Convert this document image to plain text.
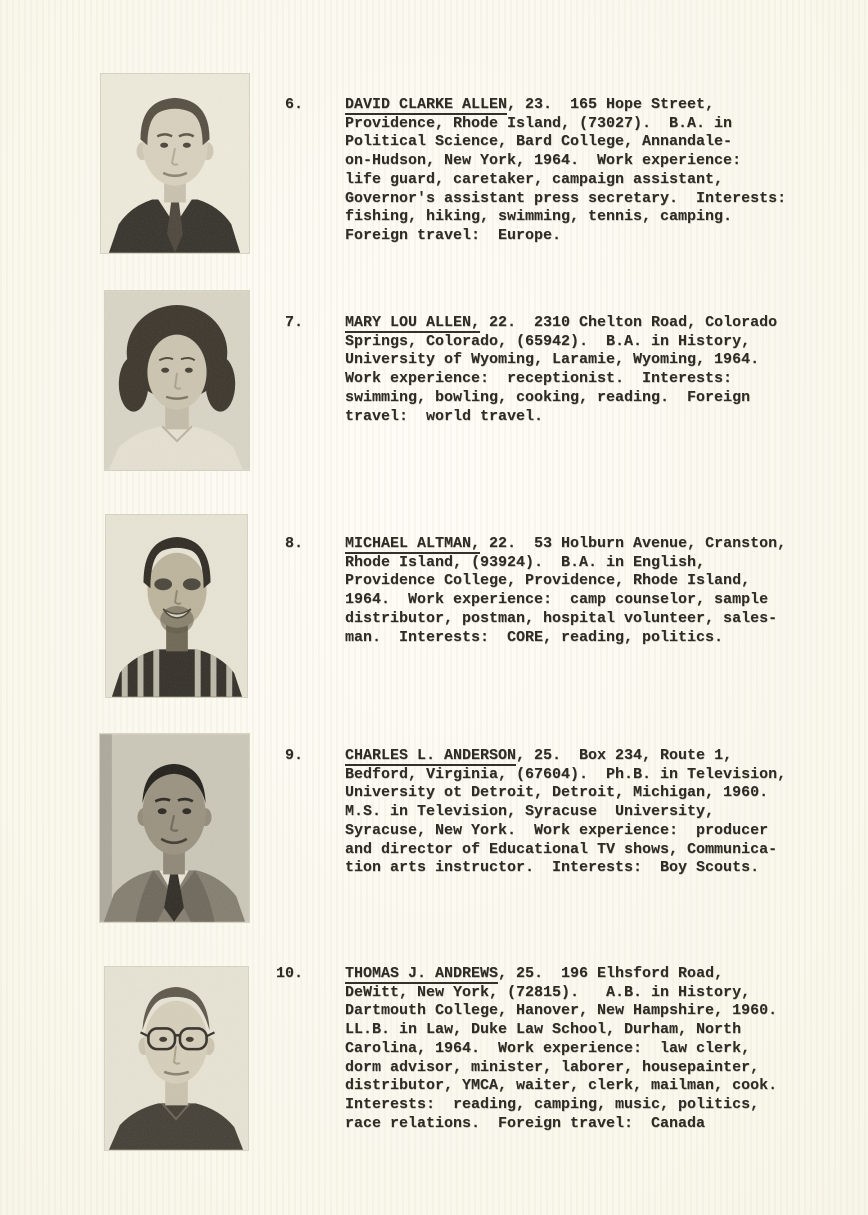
6.	DAVID CLARKE ALLEN, 23.  165 Hope Street,
Providence, Rhode Island, (73027).  B.A. in
Political Science, Bard College, Annandale-
on-Hudson, New York, 1964.  Work experience:
life guard, caretaker, campaign assistant,
Governor's assistant press secretary.  Interests:
fishing, hiking, swimming, tennis, camping.
Foreign travel:  Europe.
7.	MARY LOU ALLEN, 22.  2310 Chelton Road, Colorado
Springs, Colorado, (65942).  B.A. in History,
University of Wyoming, Laramie, Wyoming, 1964.
Work experience:  receptionist.  Interests:
swimming, bowling, cooking, reading.  Foreign
travel:  world travel.
8.	MICHAEL ALTMAN, 22.  53 Holburn Avenue, Cranston,
Rhode Island, (93924).  B.A. in English,
Providence College, Providence, Rhode Island,
1964.  Work experience:  camp counselor, sample
distributor, postman, hospital volunteer, sales-
man.  Interests:  CORE, reading, politics.
9.	CHARLES L. ANDERSON, 25.  Box 234, Route 1,
Bedford, Virginia, (67604).  Ph.B. in Television,
University ot Detroit, Detroit, Michigan, 1960.
M.S. in Television, Syracuse  University,
Syracuse, New York.  Work experience:  producer
and director of Educational TV shows, Communica-
tion arts instructor.  Interests:  Boy Scouts.
10.	THOMAS J. ANDREWS, 25.  196 Elhsford Road,
DeWitt, New York, (72815).   A.B. in History,
Dartmouth College, Hanover, New Hampshire, 1960.
LL.B. in Law, Duke Law School, Durham, North
Carolina, 1964.  Work experience:  law clerk,
dorm advisor, minister, laborer, housepainter,
distributor, YMCA, waiter, clerk, mailman, cook.
Interests:  reading, camping, music, politics,
race relations.  Foreign travel:  Canada
